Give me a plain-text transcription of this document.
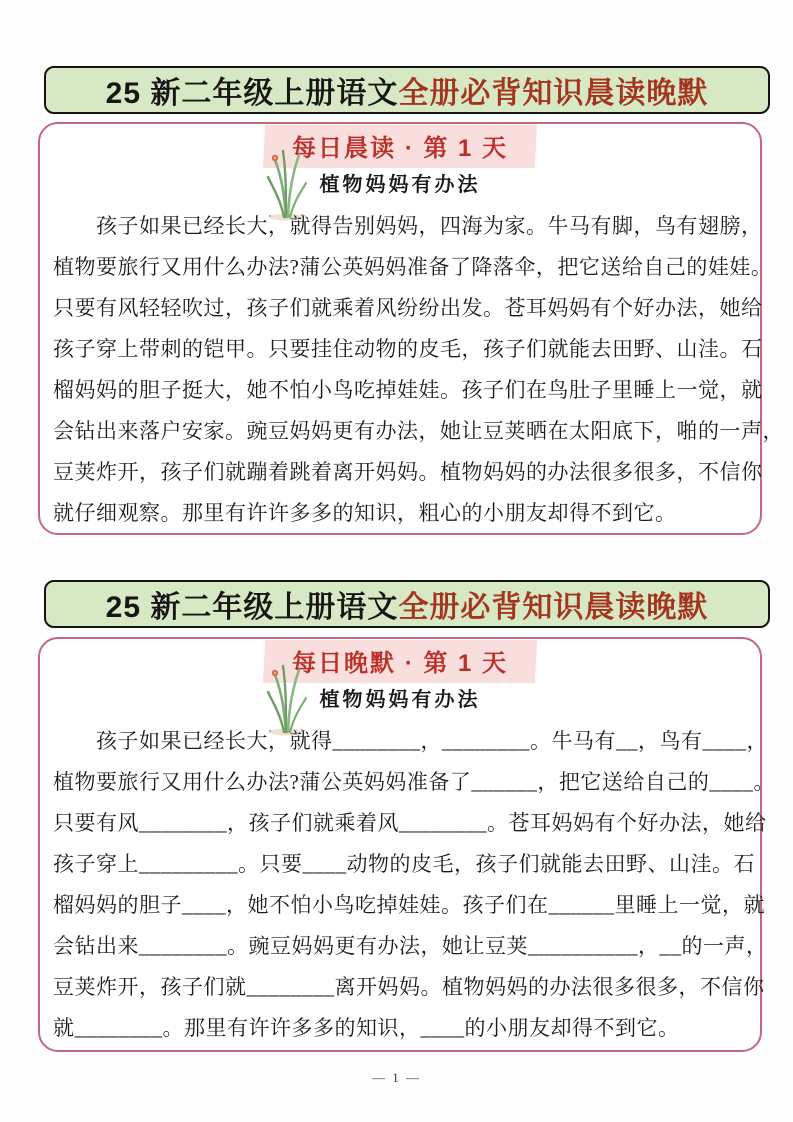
25 新二年级上册语文 全册必背知识晨读晚默
每日晨读 · 第 1 天
植物妈妈有办法
　　孩子如果已经长大，就得告别妈妈，四海为家。牛马有脚，鸟有翅膀，
植物要旅行又用什么办法?蒲公英妈妈准备了降落伞，把它送给自己的娃娃。
只要有风轻轻吹过，孩子们就乘着风纷纷出发。苍耳妈妈有个好办法，她给
孩子穿上带刺的铠甲。只要挂住动物的皮毛，孩子们就能去田野、山洼。石
榴妈妈的胆子挺大，她不怕小鸟吃掉娃娃。孩子们在鸟肚子里睡上一觉，就
会钻出来落户安家。豌豆妈妈更有办法，她让豆荚晒在太阳底下，啪的一声，
豆荚炸开，孩子们就蹦着跳着离开妈妈。植物妈妈的办法很多很多，不信你
就仔细观察。那里有许许多多的知识，粗心的小朋友却得不到它。
25 新二年级上册语文 全册必背知识晨读晚默
每日晚默 · 第 1 天
植物妈妈有办法
　　孩子如果已经长大，就得________，________。牛马有__，鸟有____，
植物要旅行又用什么办法?蒲公英妈妈准备了______，把它送给自己的____。
只要有风________，孩子们就乘着风________。苍耳妈妈有个好办法，她给
孩子穿上_________。只要____动物的皮毛，孩子们就能去田野、山洼。石
榴妈妈的胆子____，她不怕小鸟吃掉娃娃。孩子们在______里睡上一觉，就
会钻出来________。豌豆妈妈更有办法，她让豆荚__________，__的一声，
豆荚炸开，孩子们就________离开妈妈。植物妈妈的办法很多很多，不信你
就________。那里有许许多多的知识，____的小朋友却得不到它。
— 1 —
